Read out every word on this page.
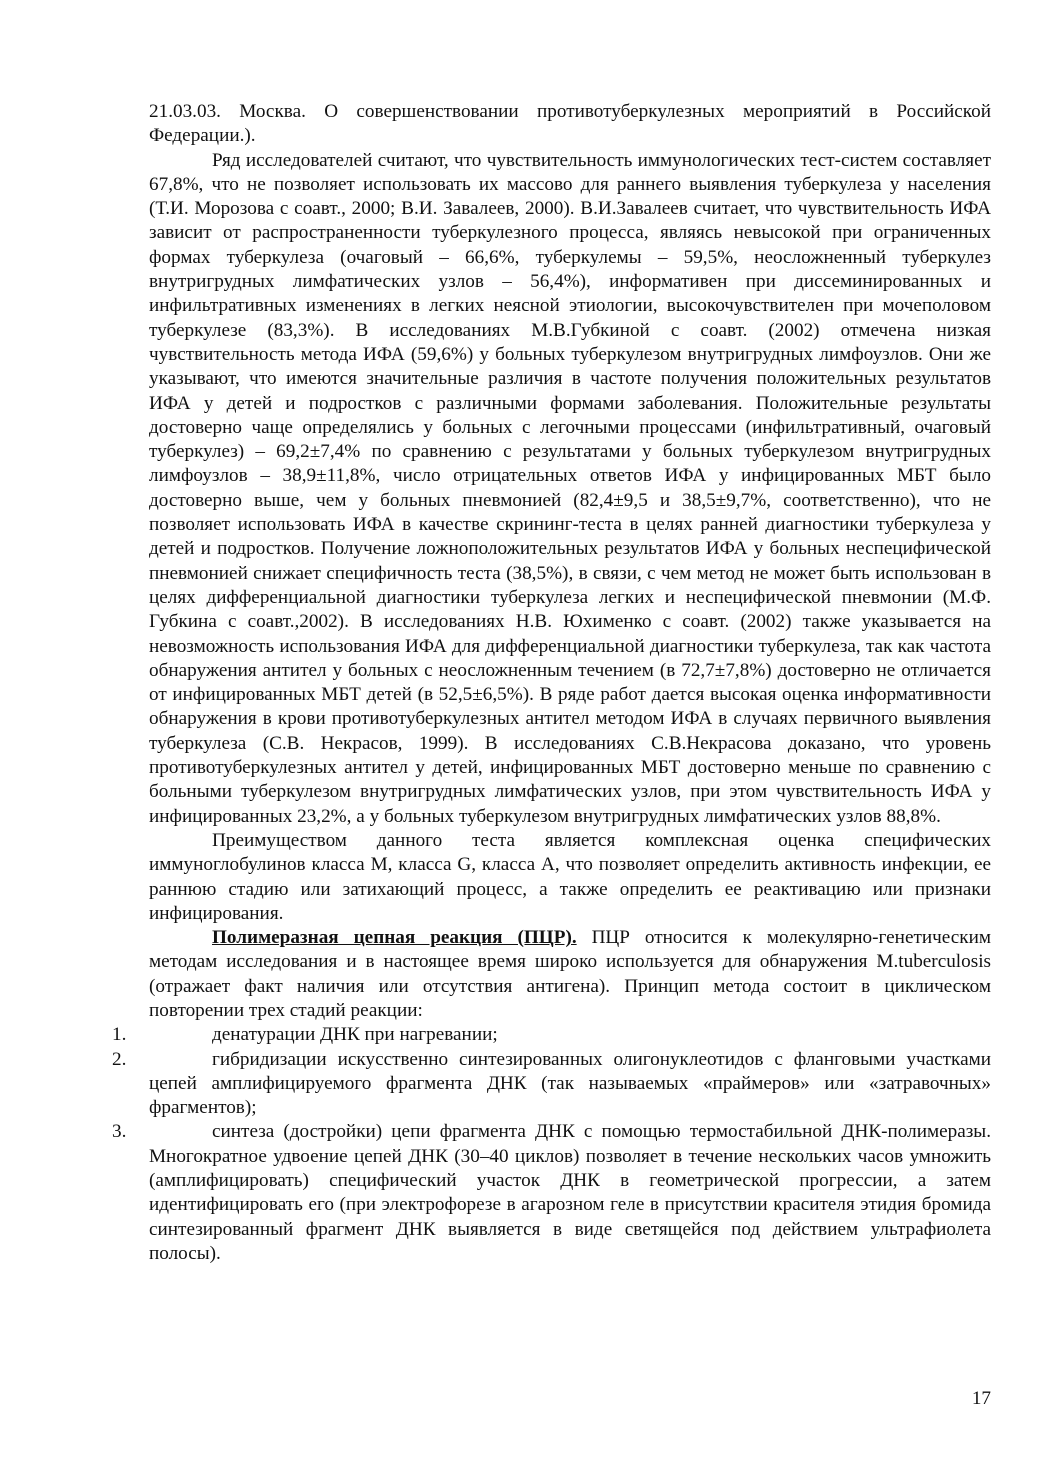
21.03.03. Москва. О совершенствовании противотуберкулезных мероприятий в Российской Федерации.).

Ряд исследователей считают, что чувствительность иммунологических тест-систем составляет 67,8%, что не позволяет использовать их массово для раннего выявления туберкулеза у населения (Т.И. Морозова с соавт., 2000; В.И. Завалеев, 2000). В.И.Завалеев считает, что чувствительность ИФА зависит от распространенности туберкулезного процесса, являясь невысокой при ограниченных формах туберкулеза (очаговый – 66,6%, туберкулемы – 59,5%, неосложненный туберкулез внутригрудных лимфатических узлов – 56,4%), информативен при диссеминированных и инфильтративных изменениях в легких неясной этиологии, высокочувствителен при мочеполовом туберкулезе (83,3%). В исследованиях М.В.Губкиной с соавт. (2002) отмечена низкая чувствительность метода ИФА (59,6%) у больных туберкулезом внутригрудных лимфоузлов. Они же указывают, что имеются значительные различия в частоте получения положительных результатов ИФА у детей и подростков с различными формами заболевания. Положительные результаты достоверно чаще определялись у больных с легочными процессами (инфильтративный, очаговый туберкулез) – 69,2±7,4% по сравнению с результатами у больных туберкулезом внутригрудных лимфоузлов – 38,9±11,8%, число отрицательных ответов ИФА у инфицированных МБТ было достоверно выше, чем у больных пневмонией (82,4±9,5 и 38,5±9,7%, соответственно), что не позволяет использовать ИФА в качестве скрининг-теста в целях ранней диагностики туберкулеза у детей и подростков. Получение ложноположительных результатов ИФА у больных неспецифической пневмонией снижает специфичность теста (38,5%), в связи, с чем метод не может быть использован в целях дифференциальной диагностики туберкулеза легких и неспецифической пневмонии (М.Ф. Губкина с соавт.,2002). В исследованиях Н.В. Юхименко с соавт. (2002) также указывается на невозможность использования ИФА для дифференциальной диагностики туберкулеза, так как частота обнаружения антител у больных с неосложненным течением (в 72,7±7,8%) достоверно не отличается от инфицированных МБТ детей (в 52,5±6,5%). В ряде работ дается высокая оценка информативности обнаружения в крови противотуберкулезных антител методом ИФА в случаях первичного выявления туберкулеза (С.В. Некрасов, 1999). В исследованиях С.В.Некрасова доказано, что уровень противотуберкулезных антител у детей, инфицированных МБТ достоверно меньше по сравнению с больными туберкулезом внутригрудных лимфатических узлов, при этом чувствительность ИФА у инфицированных 23,2%, а у больных туберкулезом внутригрудных лимфатических узлов 88,8%.

Преимуществом данного теста является комплексная оценка специфических иммуноглобулинов класса М, класса G, класса А, что позволяет определить активность инфекции, ее раннюю стадию или затихающий процесс, а также определить ее реактивацию или признаки инфицирования.

Полимеразная цепная реакция (ПЦР). ПЦР относится к молекулярно-генетическим методам исследования и в настоящее время широко используется для обнаружения M.tuberculosis (отражает факт наличия или отсутствия антигена). Принцип метода состоит в циклическом повторении трех стадий реакции:

1.	денатурации ДНК при нагревании;

2.	гибридизации искусственно синтезированных олигонуклеотидов с фланговыми участками цепей амплифицируемого фрагмента ДНК (так называемых «праймеров» или «затравочных» фрагментов);

3.	синтеза (достройки) цепи фрагмента ДНК с помощью термостабильной ДНК-полимеразы. Многократное удвоение цепей ДНК (30–40 циклов) позволяет в течение нескольких часов умножить (амплифицировать) специфический участок ДНК в геометрической прогрессии, а затем идентифицировать его (при электрофорезе в агарозном геле в присутствии красителя этидия бромида синтезированный фрагмент ДНК выявляется в виде светящейся под действием ультрафиолета полосы).

17
